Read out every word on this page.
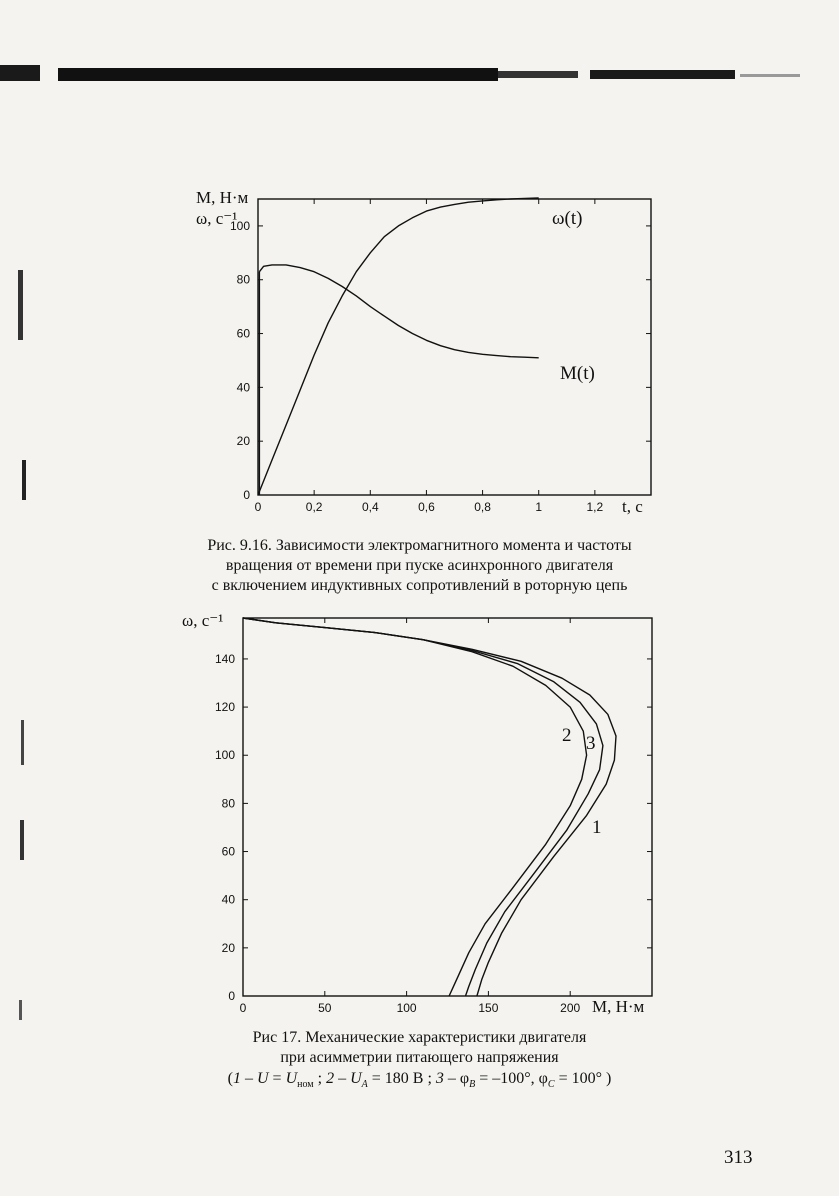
0
20
40
60
80
100
0	0,2	0,4	0,6	0,8	1	1,2
M, Н·м
ω, с⁻¹
t, с
ω(t)
M(t)
0
20
40
60
80
100
120
140
0	50	100	150	200
ω, с⁻¹
M, Н·м
2 3
1
Рис. 9.16. Зависимости электромагнитного момента и частоты
вращения от времени при пуске асинхронного двигателя
с включением индуктивных сопротивлений в роторную цепь
Рис 17. Механические характеристики двигателя
при асимметрии питающего напряжения
($1 - U = U_{ном}$ ; $2 - U_A = 180$ В ; $3 - \varphi_B = -100^\circ$, $\varphi_C = 100^\circ$ )
313
